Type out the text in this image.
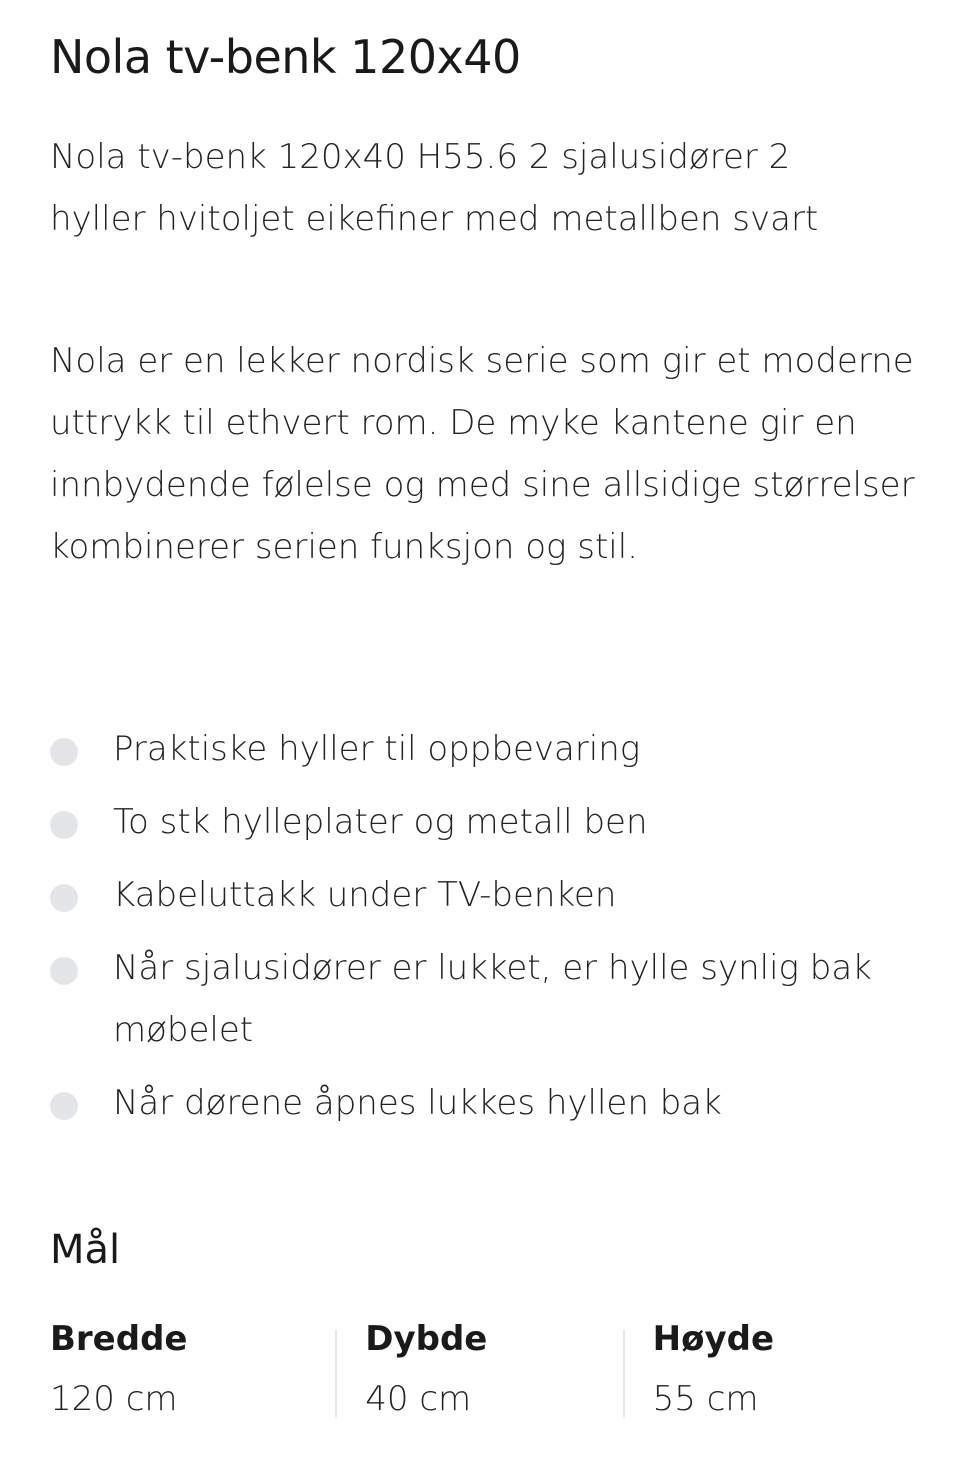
Nola tv-benk 120x40

Nola tv-benk 120x40 H55.6 2 sjalusidører 2 hyller hvitoljet eikefiner med metallben svart

Nola er en lekker nordisk serie som gir et moderne uttrykk til ethvert rom. De myke kantene gir en innbydende følelse og med sine allsidige størrelser kombinerer serien funksjon og stil.

Praktiske hyller til oppbevaring
To stk hylleplater og metall ben
Kabeluttakk under TV-benken
Når sjalusidører er lukket, er hylle synlig bak møbelet
Når dørene åpnes lukkes hyllen bak
Mål
Bredde
120 cm
Dybde
40 cm
Høyde
55 cm
